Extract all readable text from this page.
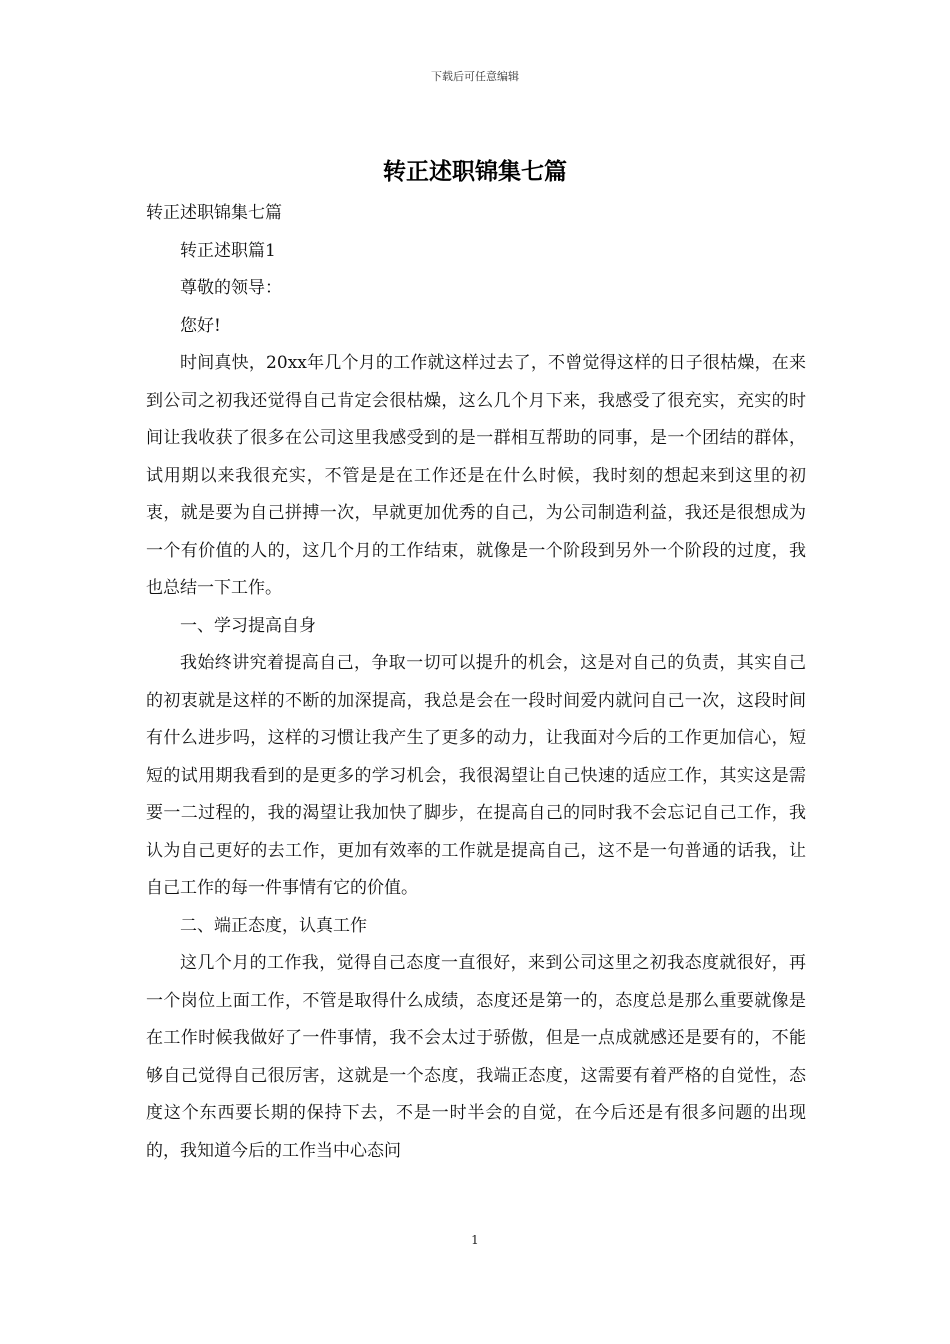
下载后可任意编辑
转正述职锦集七篇

转正述职锦集七篇

转正述职篇1

尊敬的领导：

您好!

时间真快，20xx年几个月的工作就这样过去了，不曾觉得这样的日子很枯燥，在来到公司之初我还觉得自己肯定会很枯燥，这么几个月下来，我感受了很充实，充实的时间让我收获了很多在公司这里我感受到的是一群相互帮助的同事，是一个团结的群体，试用期以来我很充实，不管是是在工作还是在什么时候，我时刻的想起来到这里的初衷，就是要为自己拼搏一次，早就更加优秀的自己，为公司制造利益，我还是很想成为一个有价值的人的，这几个月的工作结束，就像是一个阶段到另外一个阶段的过度，我也总结一下工作。

一、学习提高自身

我始终讲究着提高自己，争取一切可以提升的机会，这是对自己的负责，其实自己的初衷就是这样的不断的加深提高，我总是会在一段时间爱内就问自己一次，这段时间有什么进步吗，这样的习惯让我产生了更多的动力，让我面对今后的工作更加信心，短短的试用期我看到的是更多的学习机会，我很渴望让自己快速的适应工作，其实这是需要一二过程的，我的渴望让我加快了脚步，在提高自己的同时我不会忘记自己工作，我认为自己更好的去工作，更加有效率的工作就是提高自己，这不是一句普通的话我，让自己工作的每一件事情有它的价值。

二、端正态度，认真工作

这几个月的工作我，觉得自己态度一直很好，来到公司这里之初我态度就很好，再一个岗位上面工作，不管是取得什么成绩，态度还是第一的，态度总是那么重要就像是在工作时候我做好了一件事情，我不会太过于骄傲，但是一点成就感还是要有的，不能够自己觉得自己很厉害，这就是一个态度，我端正态度，这需要有着严格的自觉性，态度这个东西要长期的保持下去，不是一时半会的自觉，在今后还是有很多问题的出现的，我知道今后的工作当中心态问

1
